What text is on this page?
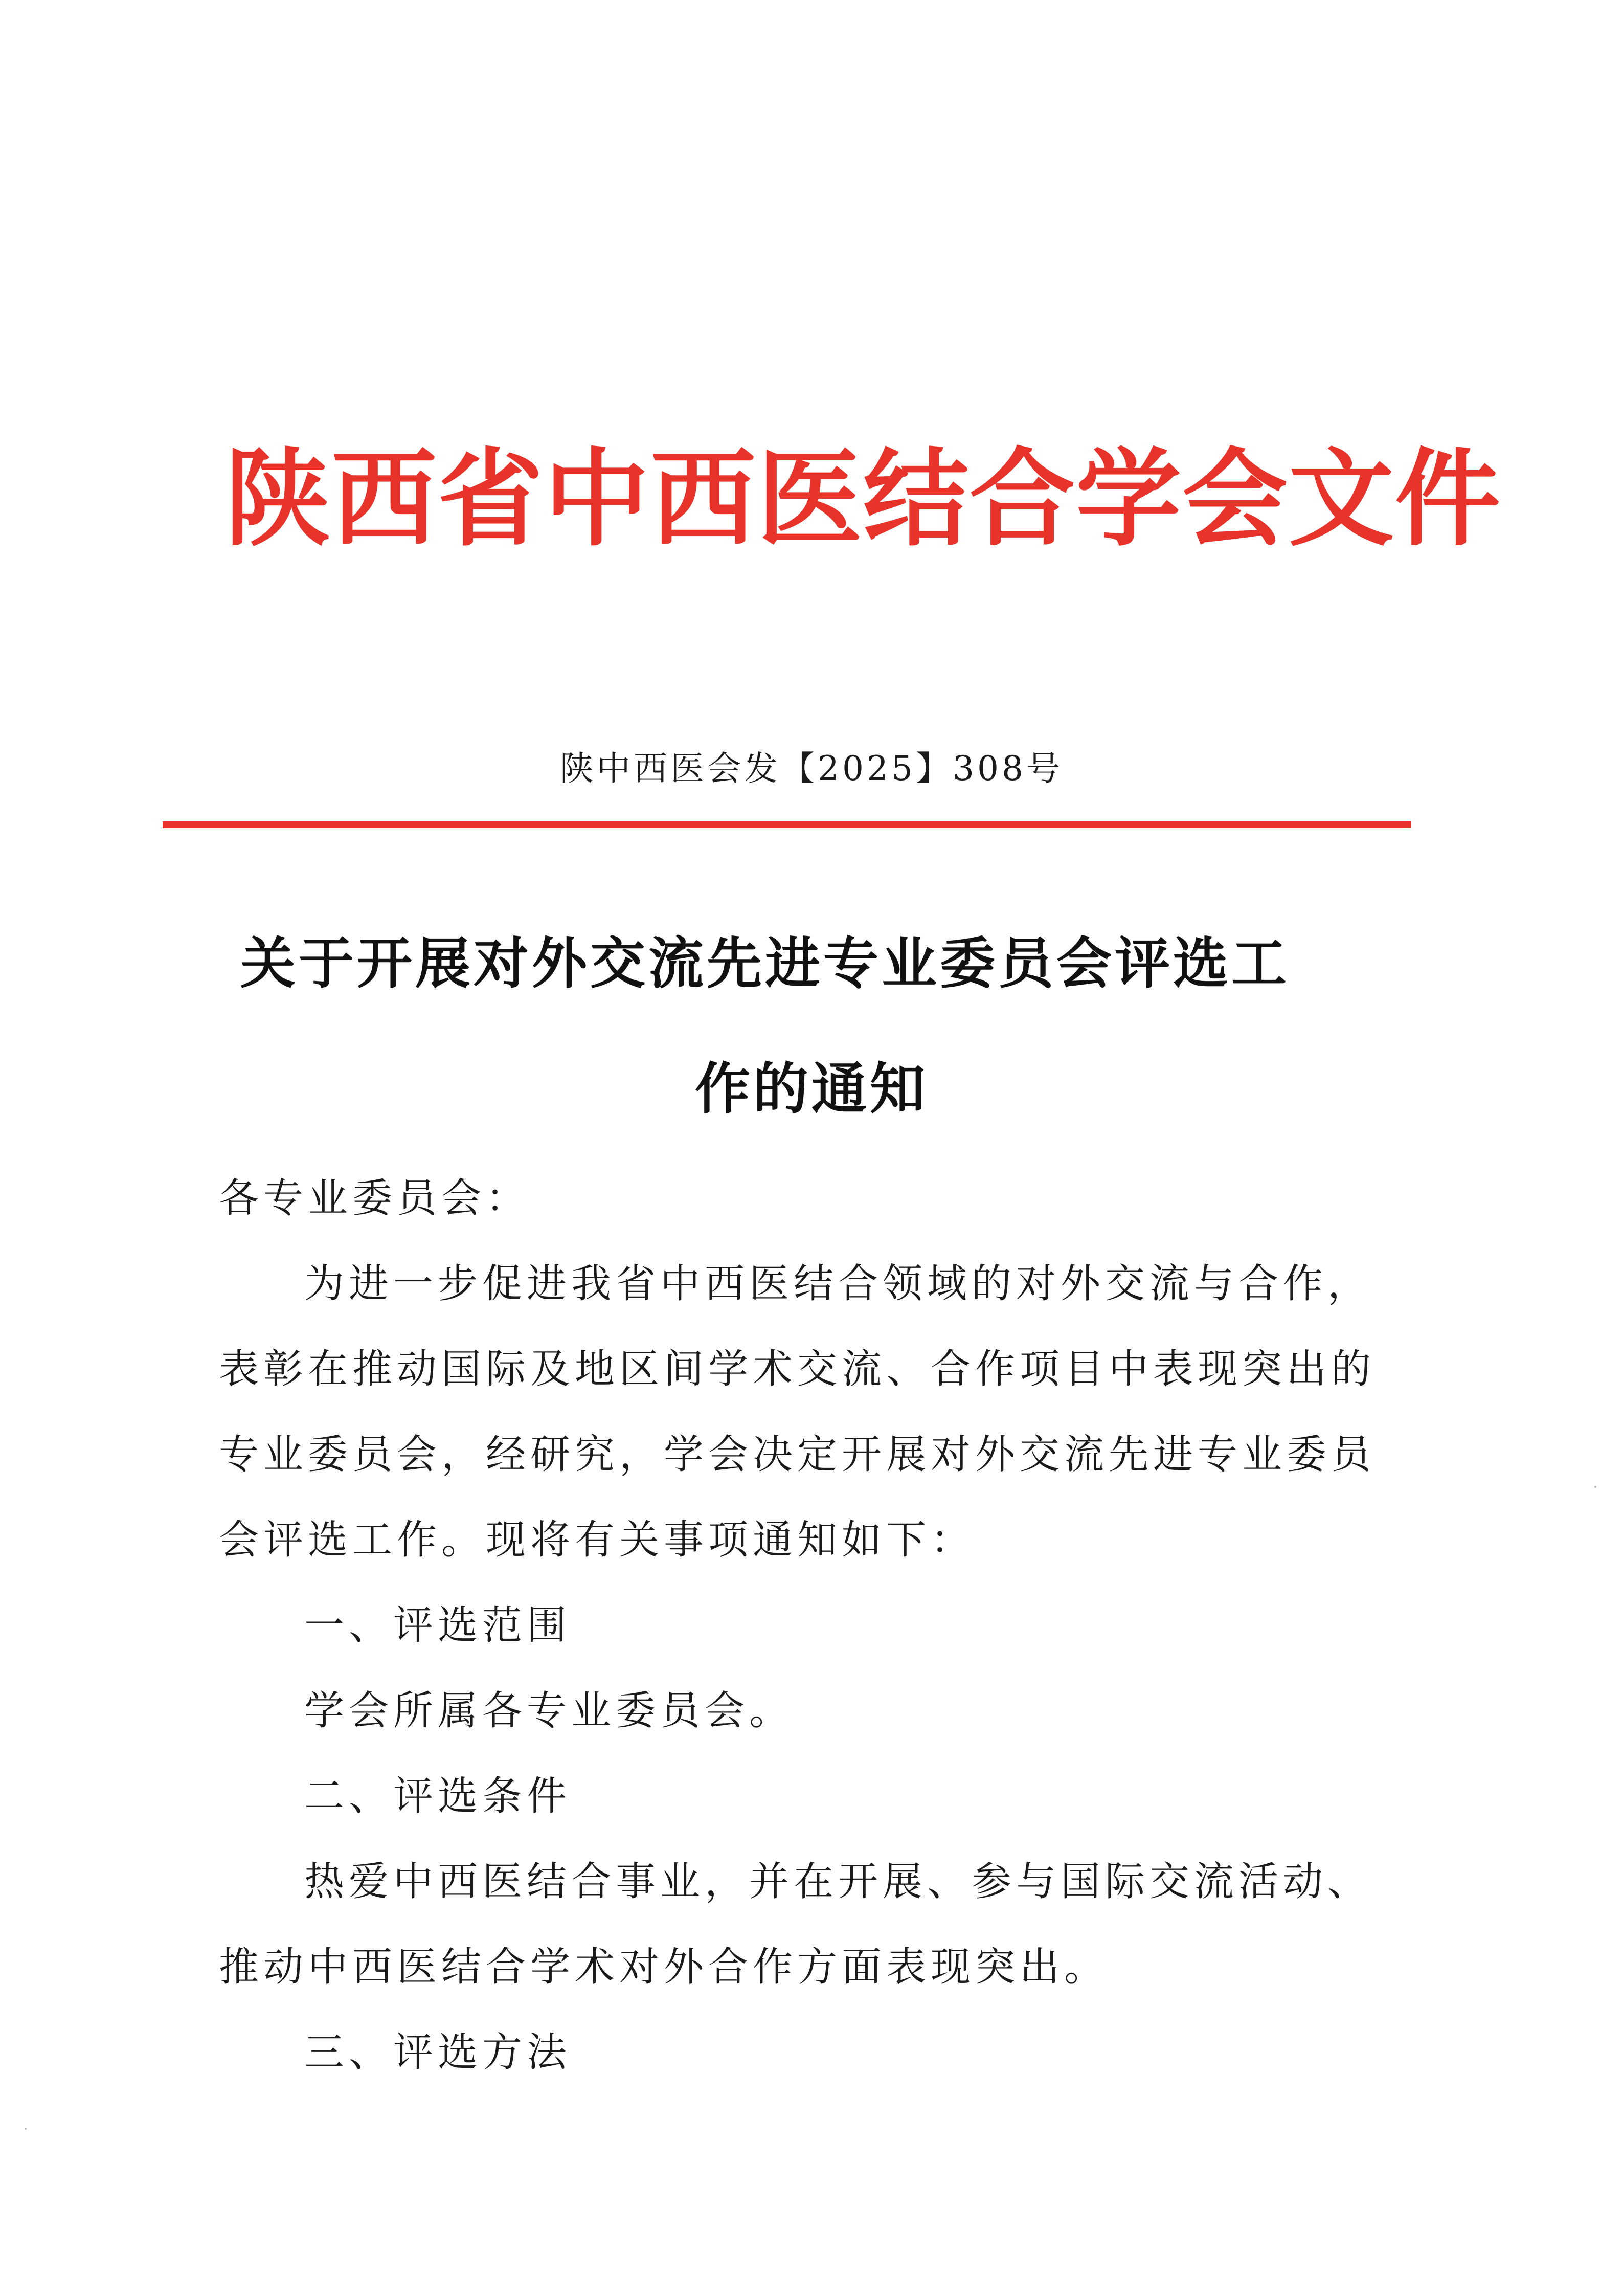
陕西省中西医结合学会文件
陕中西医会发【2025】308号
关于开展对外交流先进专业委员会评选工
作的通知
各专业委员会：
为进一步促进我省中西医结合领域的对外交流与合作，
表彰在推动国际及地区间学术交流、合作项目中表现突出的
专业委员会，经研究，学会决定开展对外交流先进专业委员
会评选工作。现将有关事项通知如下：
一、评选范围
学会所属各专业委员会。
二、评选条件
热爱中西医结合事业，并在开展、参与国际交流活动、
推动中西医结合学术对外合作方面表现突出。
三、评选方法
